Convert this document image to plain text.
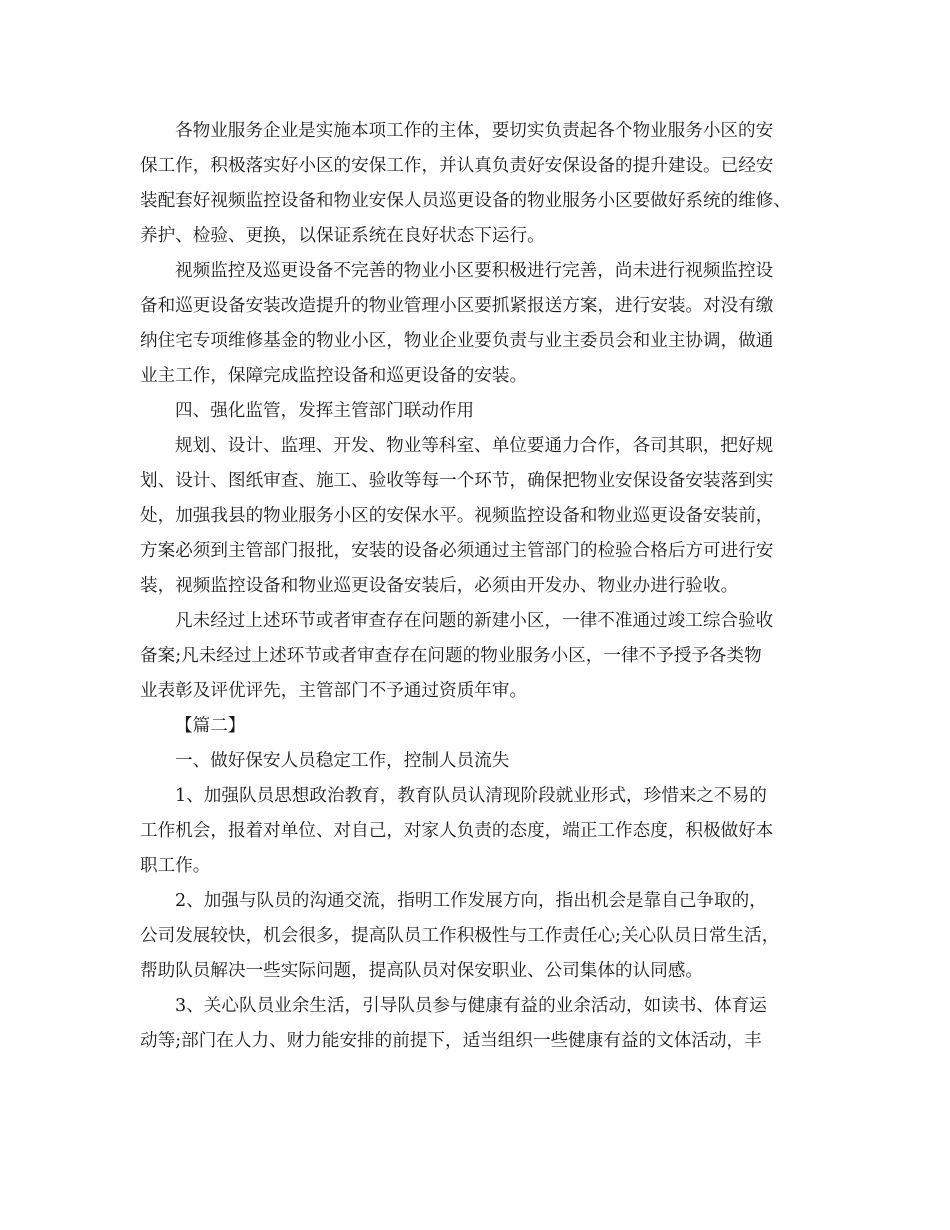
各物业服务企业是实施本项工作的主体，要切实负责起各个物业服务小区的安
保工作，积极落实好小区的安保工作，并认真负责好安保设备的提升建设。已经安
装配套好视频监控设备和物业安保人员巡更设备的物业服务小区要做好系统的维修、
养护、检验、更换，以保证系统在良好状态下运行。
视频监控及巡更设备不完善的物业小区要积极进行完善，尚未进行视频监控设
备和巡更设备安装改造提升的物业管理小区要抓紧报送方案，进行安装。对没有缴
纳住宅专项维修基金的物业小区，物业企业要负责与业主委员会和业主协调，做通
业主工作，保障完成监控设备和巡更设备的安装。
四、强化监管，发挥主管部门联动作用
规划、设计、监理、开发、物业等科室、单位要通力合作，各司其职，把好规
划、设计、图纸审查、施工、验收等每一个环节，确保把物业安保设备安装落到实
处，加强我县的物业服务小区的安保水平。视频监控设备和物业巡更设备安装前，
方案必须到主管部门报批，安装的设备必须通过主管部门的检验合格后方可进行安
装，视频监控设备和物业巡更设备安装后，必须由开发办、物业办进行验收。
凡未经过上述环节或者审查存在问题的新建小区，一律不准通过竣工综合验收
备案;凡未经过上述环节或者审查存在问题的物业服务小区，一律不予授予各类物
业表彰及评优评先，主管部门不予通过资质年审。
【篇二】
一、做好保安人员稳定工作，控制人员流失
1、加强队员思想政治教育，教育队员认清现阶段就业形式，珍惜来之不易的
工作机会，报着对单位、对自己，对家人负责的态度，端正工作态度，积极做好本
职工作。
2、加强与队员的沟通交流，指明工作发展方向，指出机会是靠自己争取的，
公司发展较快，机会很多，提高队员工作积极性与工作责任心;关心队员日常生活，
帮助队员解决一些实际问题，提高队员对保安职业、公司集体的认同感。
3、关心队员业余生活，引导队员参与健康有益的业余活动，如读书、体育运
动等;部门在人力、财力能安排的前提下，适当组织一些健康有益的文体活动，丰
